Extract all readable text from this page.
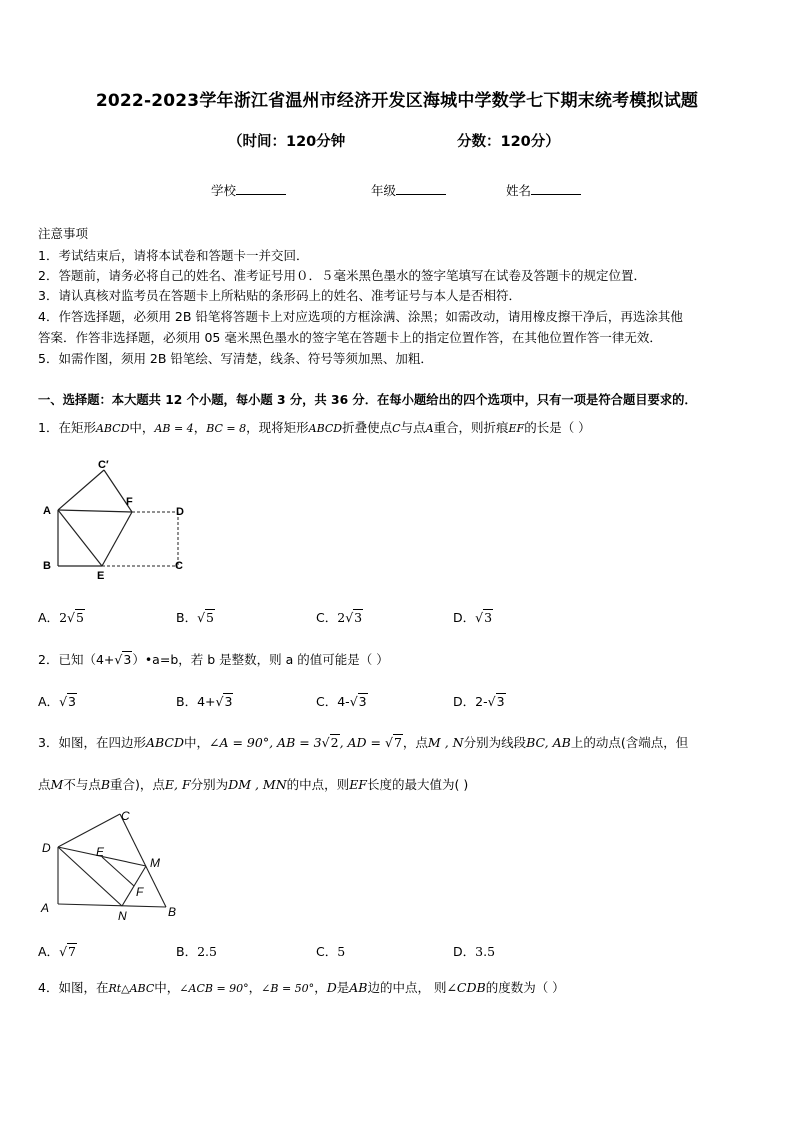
2022-2023学年浙江省温州市经济开发区海城中学数学七下期末统考模拟试题
（时间：120分钟	分数：120分）
学校	年级	姓名
注意事项
1．考试结束后，请将本试卷和答题卡一并交回．
2．答题前，请务必将自己的姓名、准考证号用０．５毫米黑色墨水的签字笔填写在试卷及答题卡的规定位置．
3．请认真核对监考员在答题卡上所粘贴的条形码上的姓名、准考证号与本人是否相符．
4．作答选择题，必须用 2B 铅笔将答题卡上对应选项的方框涂满、涂黑；如需改动，请用橡皮擦干净后，再选涂其他
答案．作答非选择题，必须用 05 毫米黑色墨水的签字笔在答题卡上的指定位置作答，在其他位置作答一律无效．
5．如需作图，须用 2B 铅笔绘、写清楚，线条、符号等须加黑、加粗．
一、选择题：本大题共 12 个小题，每小题 3 分，共 36 分．在每小题给出的四个选项中，只有一项是符合题目要求的．
1．在矩形ABCD中，AB = 4，BC = 8，现将矩形ABCD折叠使点C与点A重合，则折痕EF的长是（ ）
C′
F
A	D
B
E
C
A．2√5	B．√5	C．2√3	D．√3
2．已知（4+√3）•a=b，若 b 是整数，则 a 的值可能是（ ）
A．√3	B．4+√3	C．4-√3	D．2-√3
3．如图，在四边形ABCD中，∠A = 90°, AB = 3√2, AD = √7，点M , N分别为线段BC, AB上的动点(含端点，但
点M不与点B重合)，点E, F分别为DM , MN的中点，则EF长度的最大值为( )
C
D	E
M
F
A
N	B
A．√7	B．2.5	C．5	D．3.5
4．如图，在Rt△ABC中，∠ACB = 90°，∠B = 50°，D是AB边的中点， 则∠CDB的度数为（ ）
